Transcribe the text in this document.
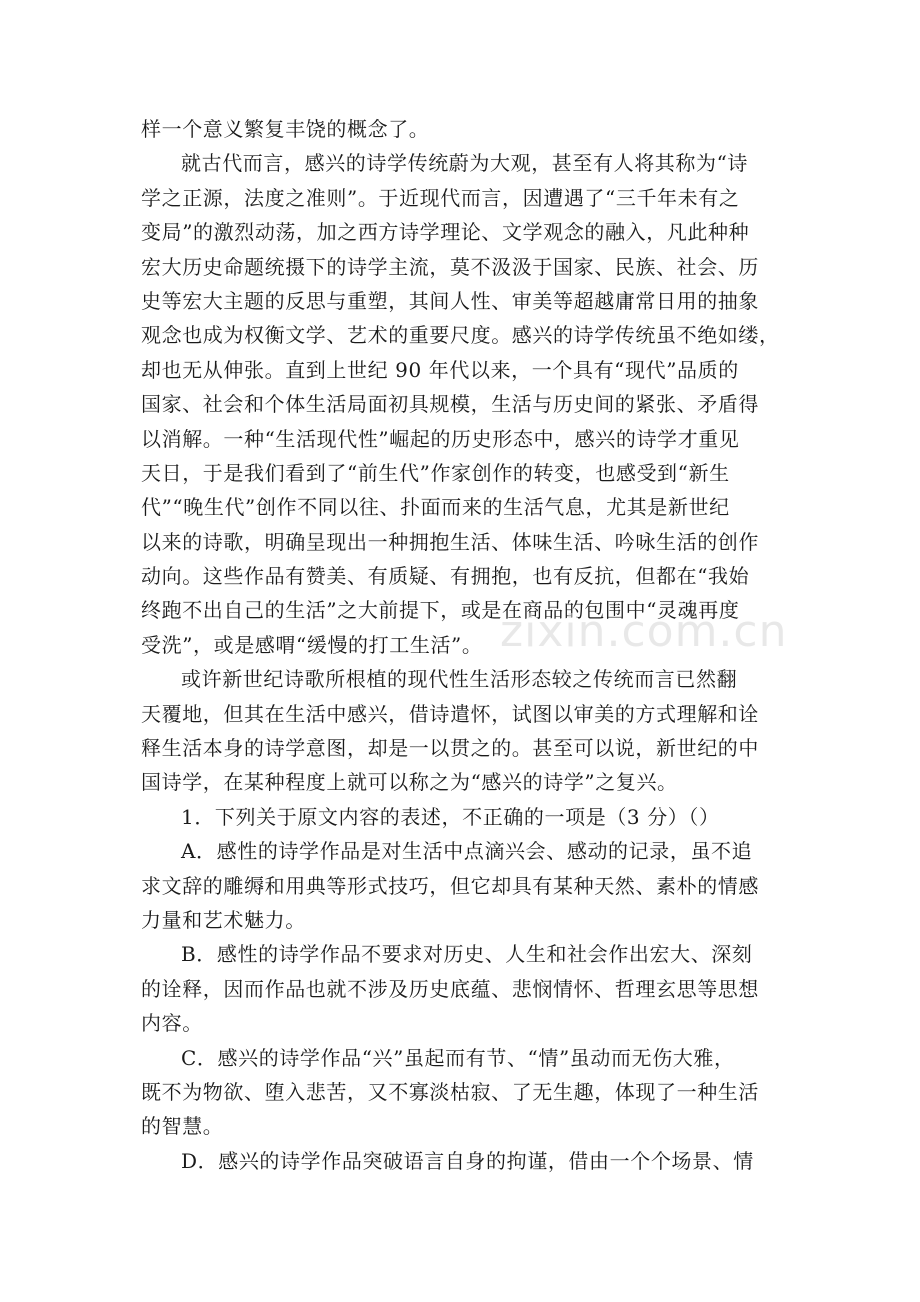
样一个意义繁复丰饶的概念了。
就古代而言，感兴的诗学传统蔚为大观，甚至有人将其称为“诗
学之正源，法度之准则”。于近现代而言，因遭遇了“三千年未有之
变局”的激烈动荡，加之西方诗学理论、文学观念的融入，凡此种种
宏大历史命题统摄下的诗学主流，莫不汲汲于国家、民族、社会、历
史等宏大主题的反思与重塑，其间人性、审美等超越庸常日用的抽象
观念也成为权衡文学、艺术的重要尺度。感兴的诗学传统虽不绝如缕，
却也无从伸张。直到上世纪 90 年代以来，一个具有“现代”品质的
国家、社会和个体生活局面初具规模，生活与历史间的紧张、矛盾得
以消解。一种“生活现代性”崛起的历史形态中，感兴的诗学才重见
天日，于是我们看到了“前生代”作家创作的转变，也感受到“新生
代”“晚生代”创作不同以往、扑面而来的生活气息，尤其是新世纪
以来的诗歌，明确呈现出一种拥抱生活、体味生活、吟咏生活的创作
动向。这些作品有赞美、有质疑、有拥抱，也有反抗，但都在“我始
终跑不出自己的生活”之大前提下，或是在商品的包围中“灵魂再度
受洗”，或是感喟“缓慢的打工生活”。
或许新世纪诗歌所根植的现代性生活形态较之传统而言已然翻
天覆地，但其在生活中感兴，借诗遣怀，试图以审美的方式理解和诠
释生活本身的诗学意图，却是一以贯之的。甚至可以说，新世纪的中
国诗学，在某种程度上就可以称之为“感兴的诗学”之复兴。
1．下列关于原文内容的表述，不正确的一项是（3 分）（）
A．感性的诗学作品是对生活中点滴兴会、感动的记录，虽不追
求文辞的雕缛和用典等形式技巧，但它却具有某种天然、素朴的情感
力量和艺术魅力。
B．感性的诗学作品不要求对历史、人生和社会作出宏大、深刻
的诠释，因而作品也就不涉及历史底蕴、悲悯情怀、哲理玄思等思想
内容。
C．感兴的诗学作品“兴”虽起而有节、“情”虽动而无伤大雅，
既不为物欲、堕入悲苦，又不寡淡枯寂、了无生趣，体现了一种生活
的智慧。
D．感兴的诗学作品突破语言自身的拘谨，借由一个个场景、情
zixin.com.cn
